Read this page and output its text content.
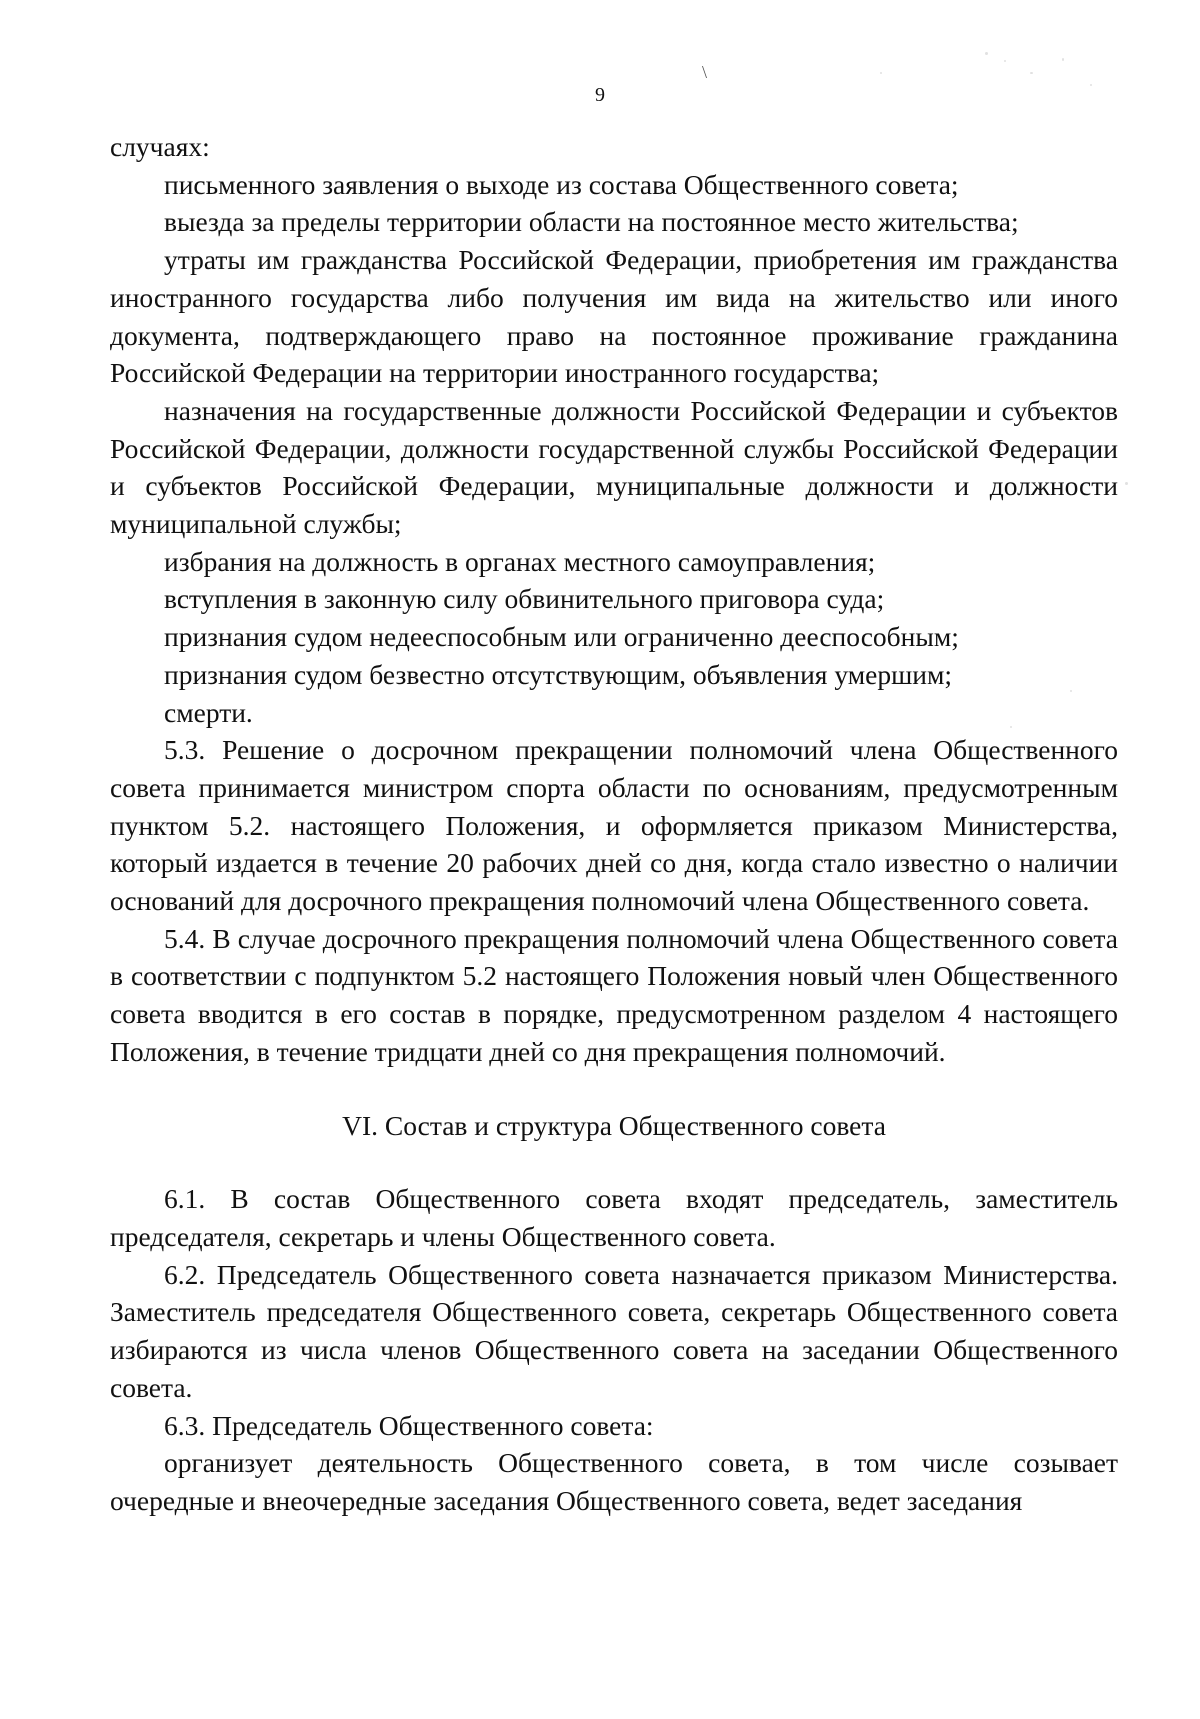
9
\

случаях:

письменного заявления о выходе из состава Общественного совета;

выезда за пределы территории области на постоянное место жительства;

утраты им гражданства Российской Федерации, приобретения им гражданства иностранного государства либо получения им вида на жительство или иного документа, подтверждающего право на постоянное проживание гражданина Российской Федерации на территории иностранного государства;

назначения на государственные должности Российской Федерации и субъектов Российской Федерации, должности государственной службы Российской Федерации и субъектов Российской Федерации, муниципальные должности и должности муниципальной службы;

избрания на должность в органах местного самоуправления;

вступления в законную силу обвинительного приговора суда;

признания судом недееспособным или ограниченно дееспособным;

признания судом безвестно отсутствующим, объявления умершим;

смерти.

5.3. Решение о досрочном прекращении полномочий члена Общественного совета принимается министром спорта области по основаниям, предусмотренным пунктом 5.2. настоящего Положения, и оформляется приказом Министерства, который издается в течение 20 рабочих дней со дня, когда стало известно о наличии оснований для досрочного прекращения полномочий члена Общественного совета.

5.4. В случае досрочного прекращения полномочий члена Общественного совета в соответствии с подпунктом 5.2 настоящего Положения новый член Общественного совета вводится в его состав в порядке, предусмотренном разделом 4 настоящего Положения, в течение тридцати дней со дня прекращения полномочий.

VI. Состав и структура Общественного совета

6.1. В состав Общественного совета входят председатель, заместитель председателя, секретарь и члены Общественного совета.

6.2. Председатель Общественного совета назначается приказом Министерства. Заместитель председателя Общественного совета, секретарь Общественного совета избираются из числа членов Общественного совета на заседании Общественного совета.

6.3. Председатель Общественного совета:

организует деятельность Общественного совета, в том числе созывает очередные и внеочередные заседания Общественного совета, ведет заседания
